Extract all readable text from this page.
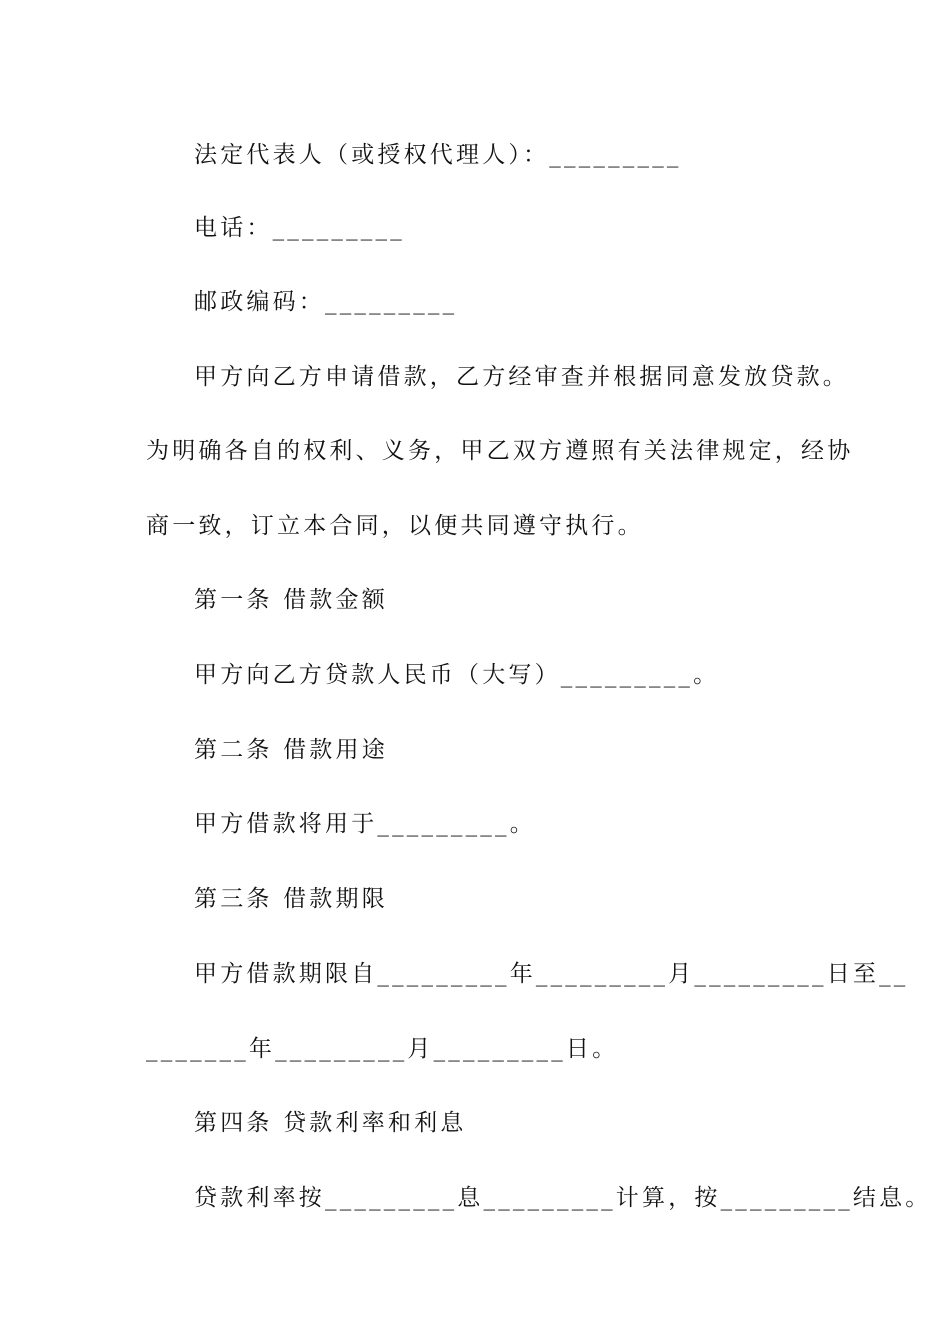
法定代表人（或授权代理人）：_________
电话：_________
邮政编码：_________
甲方向乙方申请借款，乙方经审查并根据同意发放贷款。
为明确各自的权利、义务，甲乙双方遵照有关法律规定，经协
商一致，订立本合同，以便共同遵守执行。
第一条 借款金额
甲方向乙方贷款人民币（大写）_________。
第二条 借款用途
甲方借款将用于_________。
第三条 借款期限
甲方借款期限自_________年_________月_________日至__
_______年_________月_________日。
第四条 贷款利率和利息
贷款利率按_________息_________计算，按_________结息。
